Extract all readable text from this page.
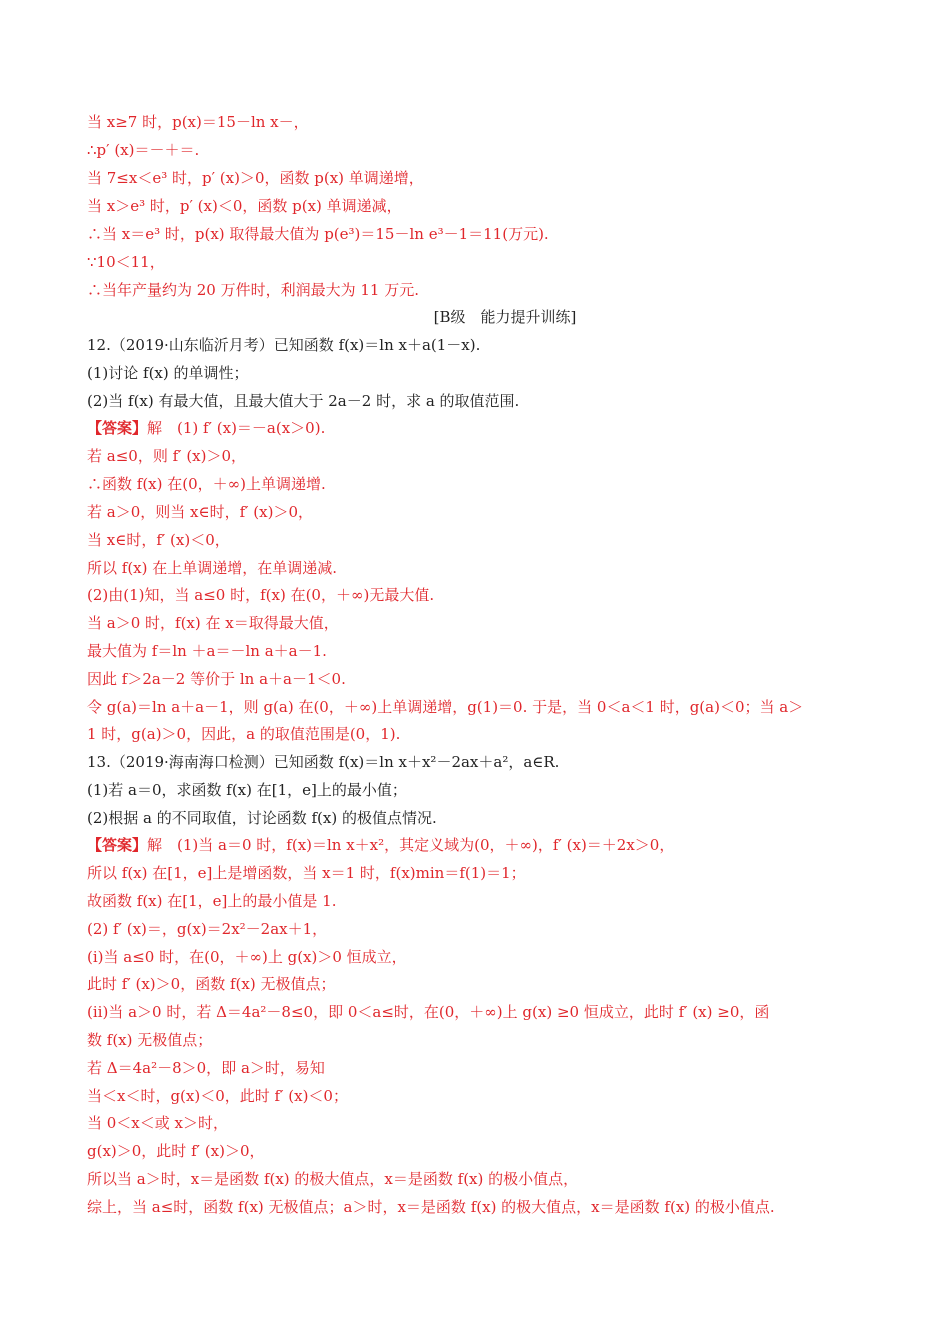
当 x≥7 时，p(x)＝15－ln x－，
∴p′ (x)＝－＋＝.
当 7≤x＜e³ 时，p′ (x)＞0，函数 p(x) 单调递增，
当 x＞e³ 时，p′ (x)＜0，函数 p(x) 单调递减，
∴当 x＝e³ 时，p(x) 取得最大值为 p(e³)＝15－ln e³－1＝11(万元).
∵10＜11，
∴当年产量约为 20 万件时，利润最大为 11 万元.
[B级　能力提升训练]
12.（2019·山东临沂月考）已知函数 f(x)＝ln x＋a(1－x).
(1)讨论 f(x) 的单调性；
(2)当 f(x) 有最大值，且最大值大于 2a－2 时，求 a 的取值范围.
【答案】解　(1) f′ (x)＝－a(x＞0).
若 a≤0，则 f′ (x)＞0，
∴函数 f(x) 在(0，＋∞)上单调递增.
若 a＞0，则当 x∈时，f′ (x)＞0，
当 x∈时，f′ (x)＜0，
所以 f(x) 在上单调递增，在单调递减.
(2)由(1)知，当 a≤0 时，f(x) 在(0，＋∞)无最大值.
当 a＞0 时，f(x) 在 x＝取得最大值，
最大值为 f＝ln ＋a＝－ln a＋a－1.
因此 f＞2a－2 等价于 ln a＋a－1＜0.
令 g(a)＝ln a＋a－1，则 g(a) 在(0，＋∞)上单调递增，g(1)＝0. 于是，当 0＜a＜1 时，g(a)＜0；当 a＞
1 时，g(a)＞0，因此，a 的取值范围是(0，1).
13.（2019·海南海口检测）已知函数 f(x)＝ln x＋x²－2ax＋a²，a∈R.
(1)若 a＝0，求函数 f(x) 在[1，e]上的最小值；
(2)根据 a 的不同取值，讨论函数 f(x) 的极值点情况.
【答案】解　(1)当 a＝0 时，f(x)＝ln x＋x²，其定义域为(0，＋∞)，f′ (x)＝＋2x＞0，
所以 f(x) 在[1，e]上是增函数，当 x＝1 时，f(x)min＝f(1)＝1；
故函数 f(x) 在[1，e]上的最小值是 1.
(2) f′ (x)＝，g(x)＝2x²－2ax＋1，
(ⅰ)当 a≤0 时，在(0，＋∞)上 g(x)＞0 恒成立，
此时 f′ (x)＞0，函数 f(x) 无极值点；
(ⅱ)当 a＞0 时，若 Δ＝4a²－8≤0，即 0＜a≤时，在(0，＋∞)上 g(x) ≥0 恒成立，此时 f′ (x) ≥0，函
数 f(x) 无极值点；
若 Δ＝4a²－8＞0，即 a＞时，易知
当＜x＜时，g(x)＜0，此时 f′ (x)＜0；
当 0＜x＜或 x＞时，
g(x)＞0，此时 f′ (x)＞0，
所以当 a＞时，x＝是函数 f(x) 的极大值点，x＝是函数 f(x) 的极小值点，
综上，当 a≤时，函数 f(x) 无极值点；a＞时，x＝是函数 f(x) 的极大值点，x＝是函数 f(x) 的极小值点.
